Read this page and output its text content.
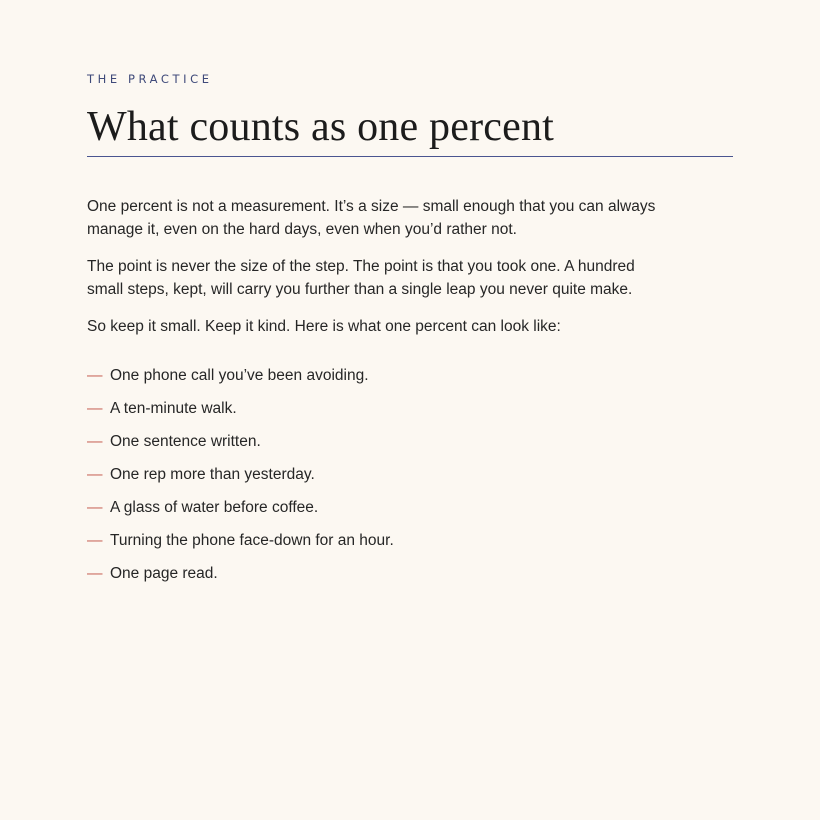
THE PRACTICE

What counts as one percent

One percent is not a measurement. It’s a size — small enough that you can always manage it, even on the hard days, even when you’d rather not.

The point is never the size of the step. The point is that you took one. A hundred small steps, kept, will carry you further than a single leap you never quite make.

So keep it small. Keep it kind. Here is what one percent can look like:

— One phone call you’ve been avoiding.
— A ten-minute walk.
— One sentence written.
— One rep more than yesterday.
— A glass of water before coffee.
— Turning the phone face-down for an hour.
— One page read.
